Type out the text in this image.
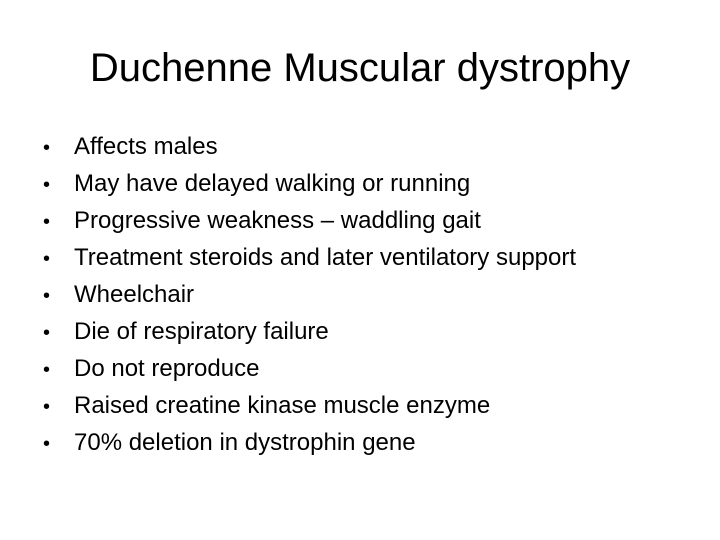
Duchenne Muscular dystrophy
• Affects males
• May have delayed walking or running
• Progressive weakness – waddling gait
• Treatment steroids and later ventilatory support
• Wheelchair
• Die of respiratory failure
• Do not reproduce
• Raised creatine kinase muscle enzyme
• 70% deletion in dystrophin gene
